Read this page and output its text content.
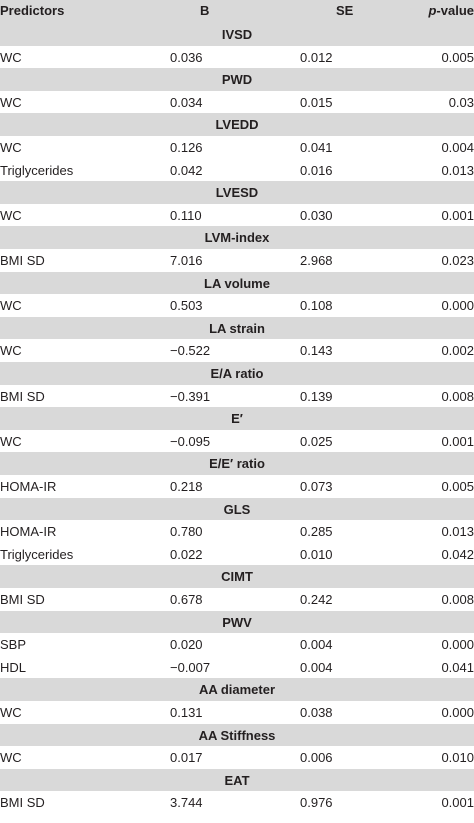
Predictors	B	SE	p-value
IVSD
WC	0.036	0.012	0.005
PWD
WC	0.034	0.015	0.03
LVEDD
WC	0.126	0.041	0.004
Triglycerides	0.042	0.016	0.013
LVESD
WC	0.110	0.030	0.001
LVM-index
BMI SD	7.016	2.968	0.023
LA volume
WC	0.503	0.108	0.000
LA strain
WC	−0.522	0.143	0.002
E/A ratio
BMI SD	−0.391	0.139	0.008
E′
WC	−0.095	0.025	0.001
E/E′ ratio
HOMA-IR	0.218	0.073	0.005
GLS
HOMA-IR	0.780	0.285	0.013
Triglycerides	0.022	0.010	0.042
CIMT
BMI SD	0.678	0.242	0.008
PWV
SBP	0.020	0.004	0.000
HDL	−0.007	0.004	0.041
AA diameter
WC	0.131	0.038	0.000
AA Stiffness
WC	0.017	0.006	0.010
EAT
BMI SD	3.744	0.976	0.001
